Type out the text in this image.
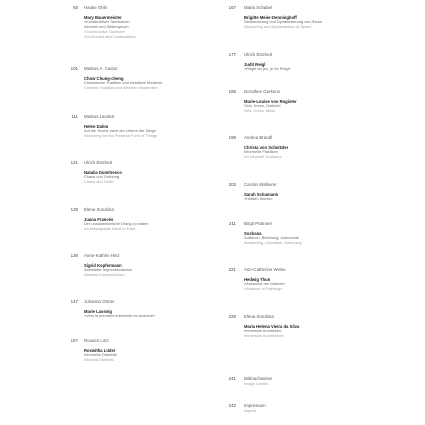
93 Hauke Ohls
Mary Bauermeister
»Konstruktiver Tachismus«
Informel und Widerspruch
»Constructive Tachism«
Art Informel and Contradiction
101 Markus A. Castor
Chow Chung-cheng
Chinesische Tradition und westliche Moderne
Chinese Tradition and Western Modernism
111 Markus Landert
Helen Dahm
Auf der Suche nach der Urform der Dinge
Searching for the Primeval Form of Things
121 Ulrich Etscheit
Natalia Dumitresco
Chaos und Ordnung
Chaos and Order
129 Elena Sorokina
Juana Francés
Der unausweichliche Drang zu malen
An Inescapable Need to Paint
139 Anne-Kathrin Hinz
Sigrid Kopfermann
Abstrakter Impressionismus
Abstract Impressionism
147 Johanna Ortner
Marie Lassnig
»Vers la première informelle en Autriche«
157 Rouven Lotz
Roswitha Lüder
Informelle Dialektik
Informal Dialectic
167 Maria Schabel
Brigitte Meier-Denninghoff
Strukturierung und Dynamisierung von Raum
Structuring and Dynamisation of Space
177 Ulrich Etscheit
Judit Reigl
»Règle du jeu, je de Reigl«
185 Dorothee Gerkens
Marie-Louise von Rogister
Grat, Kreuz, Geflecht
Grid, Cross, Mesh
195 Andrea Brandl
Christa von Schnitzler
Informelle Plastiken
Art Informel Sculpture
203 Carolin Walberer
Sarah Schumann
»Hidden Works«
211 Birgit Pramner
Soshana
Aufbruch, Befreiung, Autonomie
Awakening, Liberation, Autonomy
221 Ann-Catherine Weise
Hedwig Thun
»Amazone der Malerei«
»Amazon of Painting«
229 Elena Sorokina
Maria Helena Vieira da Silva
Immersive Architektur
Immersive Architecture
241 Bildnachweise
Image Credits
242 Impressum
Imprint
